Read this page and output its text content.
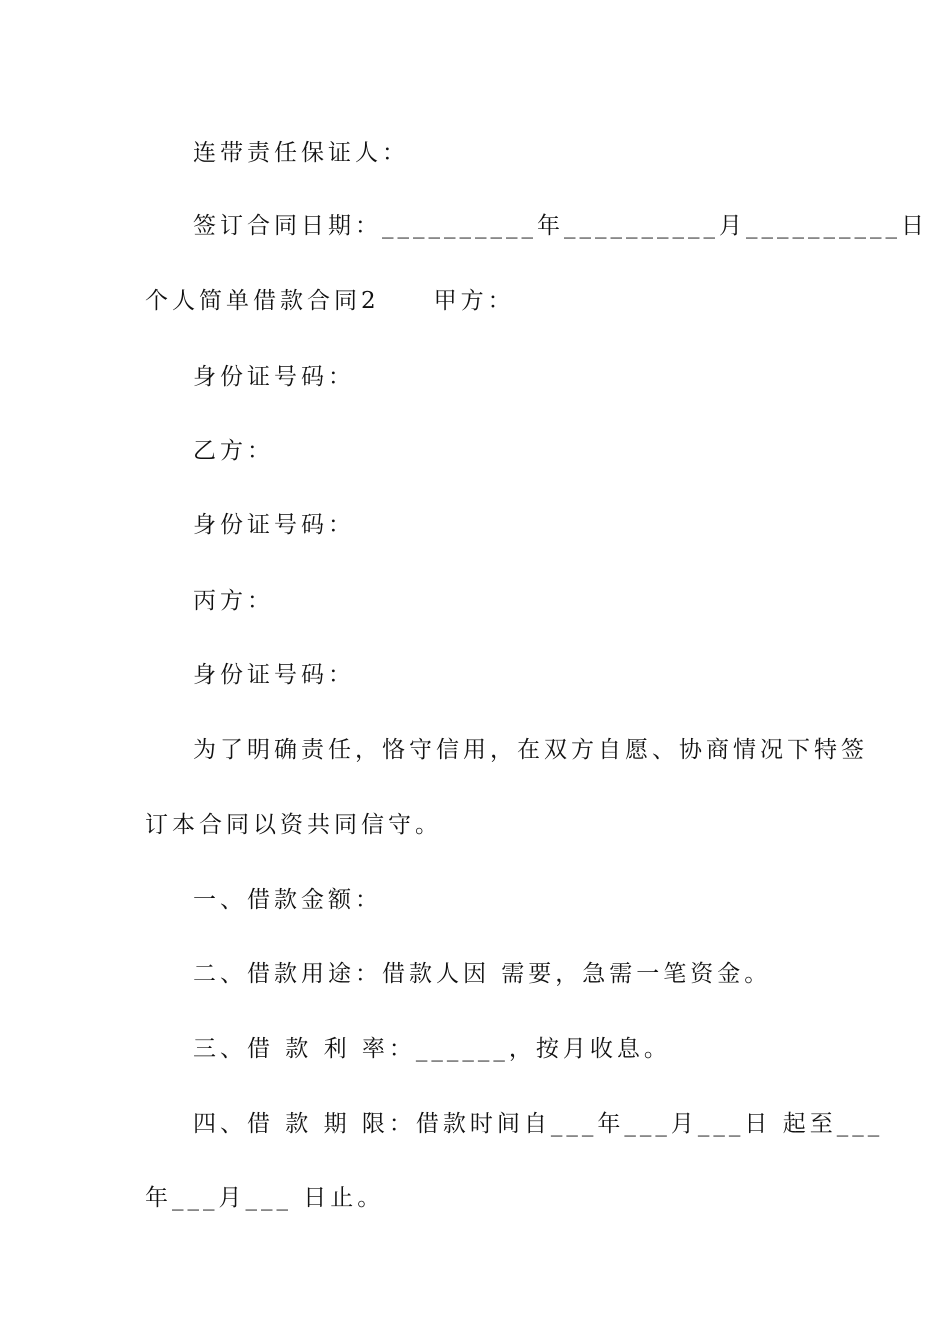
连带责任保证人：
签订合同日期：__________年__________月__________日
个人简单借款合同2　　甲方：
身份证号码：
乙方：
身份证号码：
丙方：
身份证号码：
为了明确责任，恪守信用，在双方自愿、协商情况下特签
订本合同以资共同信守。
一、借款金额：
二、借款用途：借款人因 需要，急需一笔资金。
三、借 款 利 率：______，按月收息。
四、借 款 期 限：借款时间自___年___月___日 起至___
年___月___ 日止。
